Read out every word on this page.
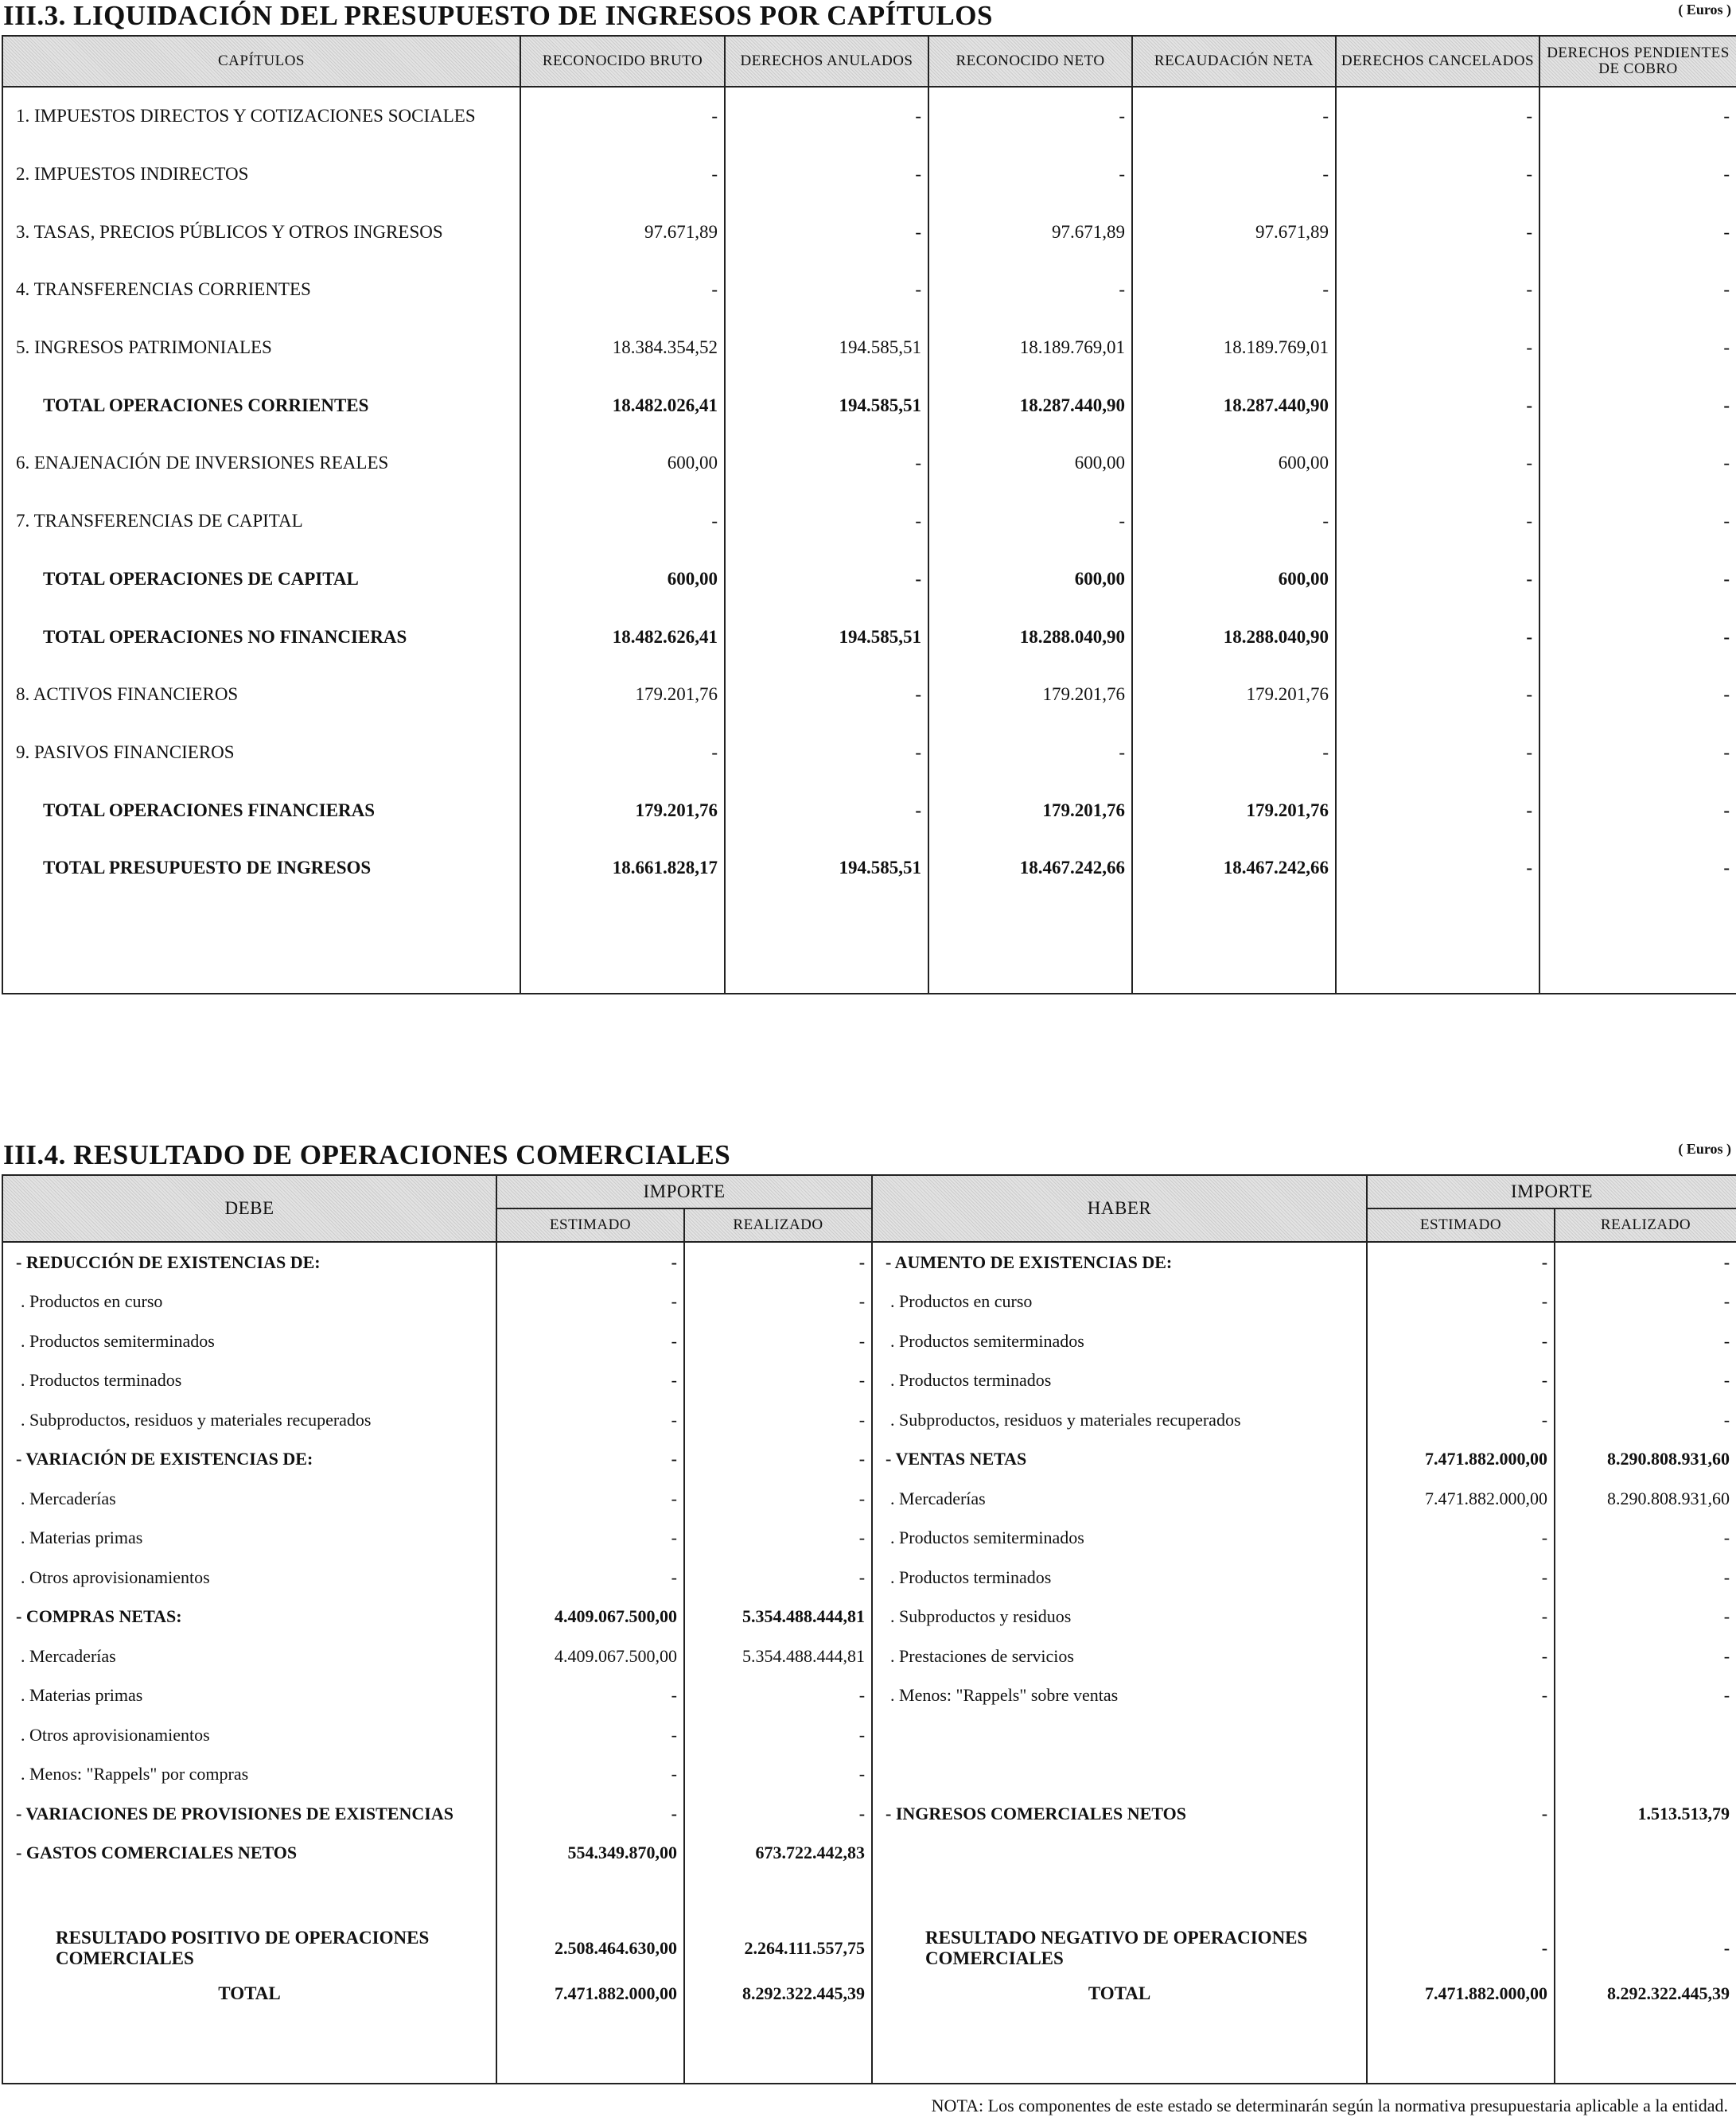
III.3. LIQUIDACIÓN DEL PRESUPUESTO DE INGRESOS POR CAPÍTULOS	( Euros )
CAPÍTULOS	RECONOCIDO BRUTO	DERECHOS ANULADOS	RECONOCIDO NETO	RECAUDACIÓN NETA	DERECHOS CANCELADOS	DERECHOS PENDIENTES DE COBRO
1. IMPUESTOS DIRECTOS Y COTIZACIONES SOCIALES	-	-	-	-	-	-
2. IMPUESTOS INDIRECTOS	-	-	-	-	-	-
3. TASAS, PRECIOS PÚBLICOS Y OTROS INGRESOS	97.671,89	-	97.671,89	97.671,89	-	-
4. TRANSFERENCIAS CORRIENTES	-	-	-	-	-	-
5. INGRESOS PATRIMONIALES	18.384.354,52	194.585,51	18.189.769,01	18.189.769,01	-	-
TOTAL OPERACIONES CORRIENTES	18.482.026,41	194.585,51	18.287.440,90	18.287.440,90	-	-
6. ENAJENACIÓN DE INVERSIONES REALES	600,00	-	600,00	600,00	-	-
7. TRANSFERENCIAS DE CAPITAL	-	-	-	-	-	-
TOTAL OPERACIONES DE CAPITAL	600,00	-	600,00	600,00	-	-
TOTAL OPERACIONES NO FINANCIERAS	18.482.626,41	194.585,51	18.288.040,90	18.288.040,90	-	-
8. ACTIVOS FINANCIEROS	179.201,76	-	179.201,76	179.201,76	-	-
9. PASIVOS FINANCIEROS	-	-	-	-	-	-
TOTAL OPERACIONES FINANCIERAS	179.201,76	-	179.201,76	179.201,76	-	-
TOTAL PRESUPUESTO DE INGRESOS	18.661.828,17	194.585,51	18.467.242,66	18.467.242,66	-	-

III.4. RESULTADO DE OPERACIONES COMERCIALES	( Euros )
DEBE	IMPORTE		HABER	IMPORTE	
	ESTIMADO	REALIZADO		ESTIMADO	REALIZADO
- REDUCCIÓN DE EXISTENCIAS DE:	-	-	- AUMENTO DE EXISTENCIAS DE:	-	-
. Productos en curso	-	-	. Productos en curso	-	-
. Productos semiterminados	-	-	. Productos semiterminados	-	-
. Productos terminados	-	-	. Productos terminados	-	-
. Subproductos, residuos y materiales recuperados	-	-	. Subproductos, residuos y materiales recuperados	-	-
- VARIACIÓN DE EXISTENCIAS DE:	-	-	- VENTAS NETAS	7.471.882.000,00	8.290.808.931,60
. Mercaderías	-	-	. Mercaderías	7.471.882.000,00	8.290.808.931,60
. Materias primas	-	-	. Productos semiterminados	-	-
. Otros aprovisionamientos	-	-	. Productos terminados	-	-
- COMPRAS NETAS:	4.409.067.500,00	5.354.488.444,81	. Subproductos y residuos	-	-
. Mercaderías	4.409.067.500,00	5.354.488.444,81	. Prestaciones de servicios	-	-
. Materias primas	-	-	. Menos: "Rappels" sobre ventas	-	-
. Otros aprovisionamientos	-	-			
. Menos: "Rappels" por compras	-	-			
- VARIACIONES DE PROVISIONES DE EXISTENCIAS	-	-	- INGRESOS COMERCIALES NETOS	-	1.513.513,79
- GASTOS COMERCIALES NETOS	554.349.870,00	673.722.442,83			

RESULTADO POSITIVO DE OPERACIONES COMERCIALES	2.508.464.630,00	2.264.111.557,75	RESULTADO NEGATIVO DE OPERACIONES COMERCIALES	-	-
TOTAL	7.471.882.000,00	8.292.322.445,39	TOTAL	7.471.882.000,00	8.292.322.445,39

NOTA: Los componentes de este estado se determinarán según la normativa presupuestaria aplicable a la entidad.
